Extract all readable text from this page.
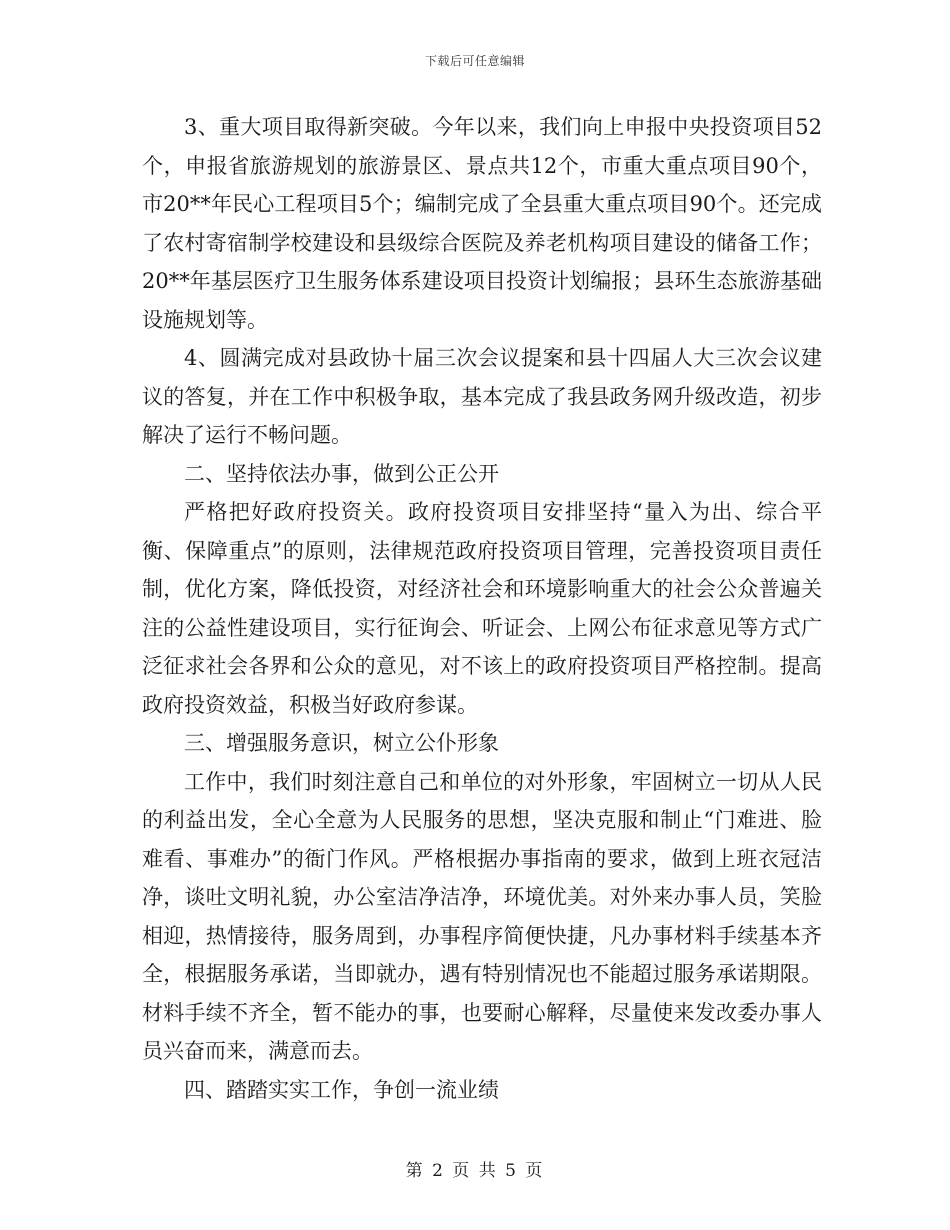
下载后可任意编辑

3、重大项目取得新突破。今年以来，我们向上申报中央投资项目52个，申报省旅游规划的旅游景区、景点共12个，市重大重点项目90个，市20**年民心工程项目5个；编制完成了全县重大重点项目90个。还完成了农村寄宿制学校建设和县级综合医院及养老机构项目建设的储备工作；20**年基层医疗卫生服务体系建设项目投资计划编报；县环生态旅游基础设施规划等。

4、圆满完成对县政协十届三次会议提案和县十四届人大三次会议建议的答复，并在工作中积极争取，基本完成了我县政务网升级改造，初步解决了运行不畅问题。

二、坚持依法办事，做到公正公开

严格把好政府投资关。政府投资项目安排坚持“量入为出、综合平衡、保障重点”的原则，法律规范政府投资项目管理，完善投资项目责任制，优化方案，降低投资，对经济社会和环境影响重大的社会公众普遍关注的公益性建设项目，实行征询会、听证会、上网公布征求意见等方式广泛征求社会各界和公众的意见，对不该上的政府投资项目严格控制。提高政府投资效益，积极当好政府参谋。

三、增强服务意识，树立公仆形象

工作中，我们时刻注意自己和单位的对外形象，牢固树立一切从人民的利益出发，全心全意为人民服务的思想，坚决克服和制止“门难进、脸难看、事难办”的衙门作风。严格根据办事指南的要求，做到上班衣冠洁净，谈吐文明礼貌，办公室洁净洁净，环境优美。对外来办事人员，笑脸相迎，热情接待，服务周到，办事程序简便快捷，凡办事材料手续基本齐全，根据服务承诺，当即就办，遇有特别情况也不能超过服务承诺期限。材料手续不齐全，暂不能办的事，也要耐心解释，尽量使来发改委办事人员兴奋而来，满意而去。

四、踏踏实实工作，争创一流业绩

第 2 页 共 5 页
